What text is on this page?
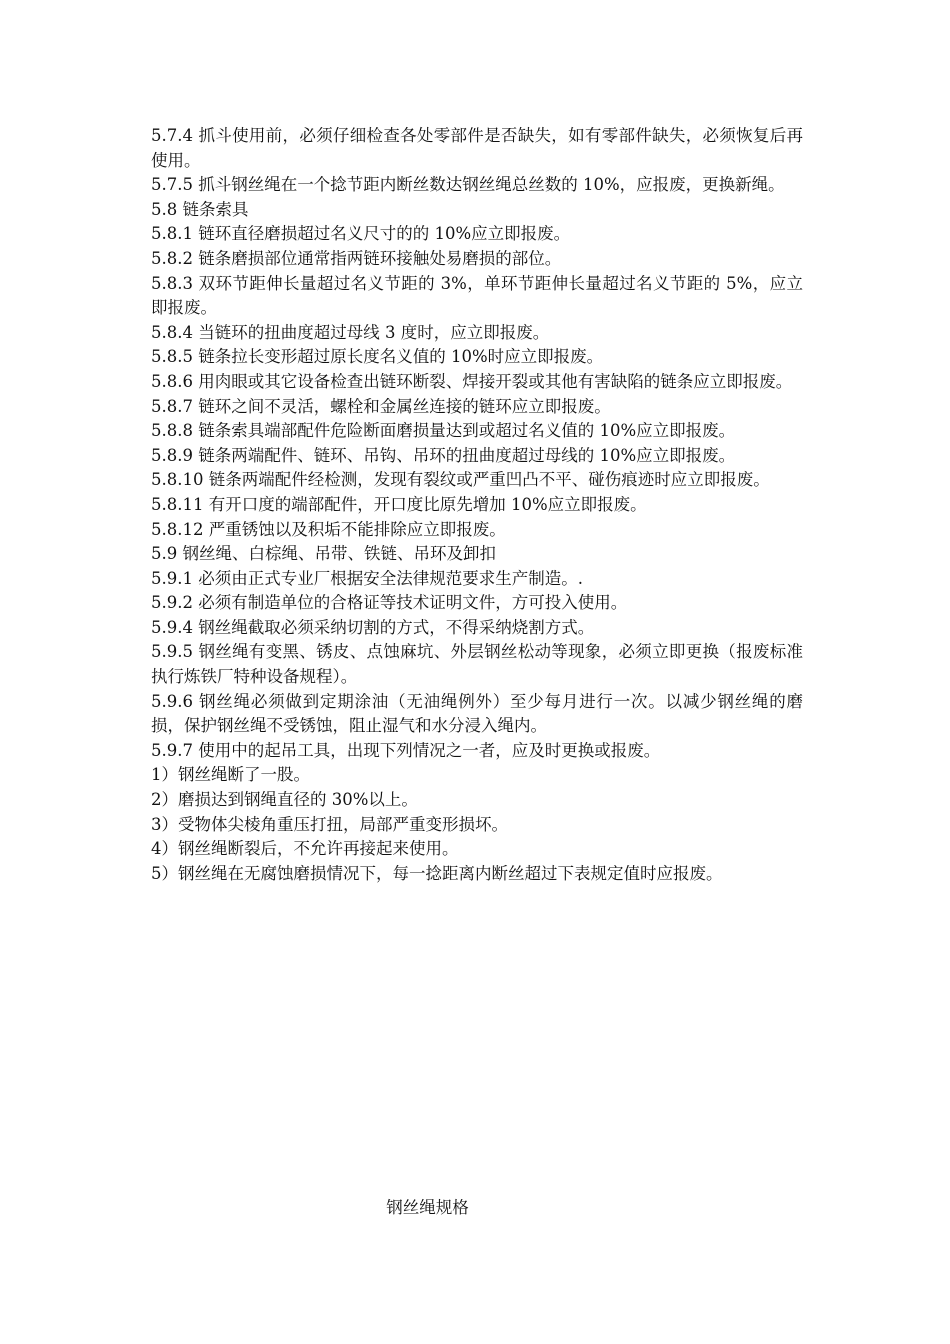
5.7.4 抓斗使用前，必须仔细检查各处零部件是否缺失，如有零部件缺失，必须恢复后再使用。

5.7.5 抓斗钢丝绳在一个捻节距内断丝数达钢丝绳总丝数的 10%，应报废，更换新绳。

5.8 链条索具

5.8.1 链环直径磨损超过名义尺寸的的 10%应立即报废。

5.8.2 链条磨损部位通常指两链环接触处易磨损的部位。

5.8.3 双环节距伸长量超过名义节距的 3%，单环节距伸长量超过名义节距的 5%，应立即报废。

5.8.4 当链环的扭曲度超过母线 3 度时，应立即报废。

5.8.5 链条拉长变形超过原长度名义值的 10%时应立即报废。

5.8.6 用肉眼或其它设备检查出链环断裂、焊接开裂或其他有害缺陷的链条应立即报废。

5.8.7 链环之间不灵活，螺栓和金属丝连接的链环应立即报废。

5.8.8 链条索具端部配件危险断面磨损量达到或超过名义值的 10%应立即报废。

5.8.9 链条两端配件、链环、吊钩、吊环的扭曲度超过母线的 10%应立即报废。

5.8.10 链条两端配件经检测，发现有裂纹或严重凹凸不平、碰伤痕迹时应立即报废。

5.8.11 有开口度的端部配件，开口度比原先增加 10%应立即报废。

5.8.12 严重锈蚀以及积垢不能排除应立即报废。

5.9 钢丝绳、白棕绳、吊带、铁链、吊环及卸扣

5.9.1 必须由正式专业厂根据安全法律规范要求生产制造。.

5.9.2 必须有制造单位的合格证等技术证明文件，方可投入使用。

5.9.4 钢丝绳截取必须采纳切割的方式，不得采纳烧割方式。

5.9.5 钢丝绳有变黑、锈皮、点蚀麻坑、外层钢丝松动等现象，必须立即更换（报废标准执行炼铁厂特种设备规程）。

5.9.6 钢丝绳必须做到定期涂油（无油绳例外）至少每月进行一次。以减少钢丝绳的磨损，保护钢丝绳不受锈蚀，阻止湿气和水分浸入绳内。

5.9.7 使用中的起吊工具，出现下列情况之一者，应及时更换或报废。

1）钢丝绳断了一股。

2）磨损达到钢绳直径的 30%以上。

3）受物体尖棱角重压打扭，局部严重变形损坏。

4）钢丝绳断裂后，不允许再接起来使用。

5）钢丝绳在无腐蚀磨损情况下，每一捻距离内断丝超过下表规定值时应报废。

钢丝绳规格
